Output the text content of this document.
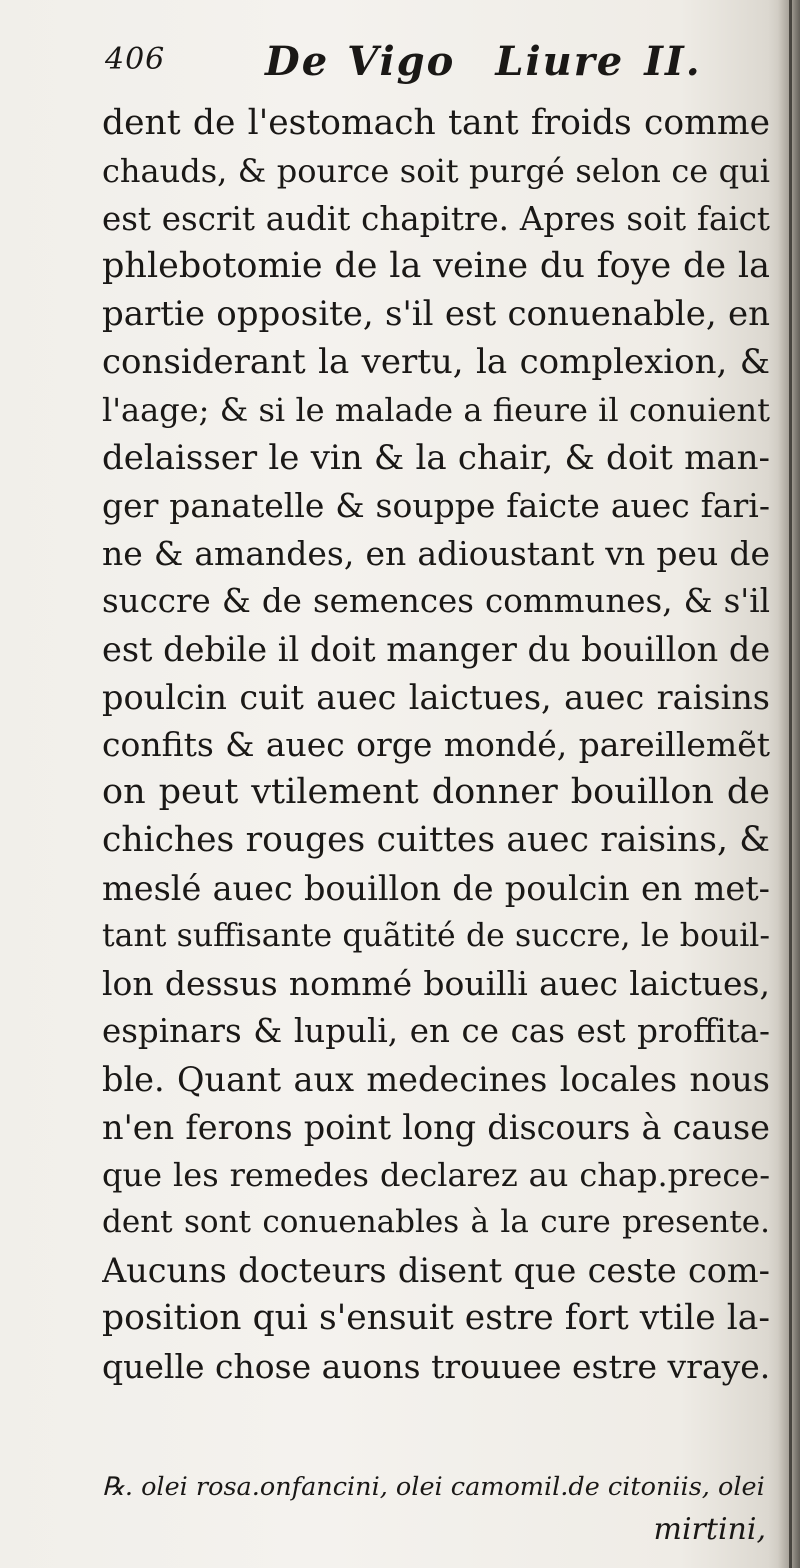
406 De Vigo Liure II.
dent de l'estomach tant froids comme
chauds, & pource soit purgé selon ce qui
est escrit audit chapitre. Apres soit faict
phlebotomie de la veine du foye de la
partie opposite, s'il est conuenable, en
considerant la vertu, la complexion, &
l'aage; & si le malade a fieure il conuient
delaisser le vin & la chair, & doit man-
ger panatelle & souppe faicte auec fari-
ne & amandes, en adioustant vn peu de
succre & de semences communes, & s'il
est debile il doit manger du bouillon de
poulcin cuit auec laictues, auec raisins
confits & auec orge mondé, pareillemẽt
on peut vtilement donner bouillon de
chiches rouges cuittes auec raisins, &
meslé auec bouillon de poulcin en met-
tant suffisante quãtité de succre, le bouil-
lon dessus nommé bouilli auec laictues,
espinars & lupuli, en ce cas est proffita-
ble. Quant aux medecines locales nous
n'en ferons point long discours à cause
que les remedes declarez au chap.prece-
dent sont conuenables à la cure presente.
Aucuns docteurs disent que ceste com-
position qui s'ensuit estre fort vtile la-
quelle chose auons trouuee estre vraye.
℞. olei rosa.onfancini, olei camomil.de citoniis, olei
mirtini,
